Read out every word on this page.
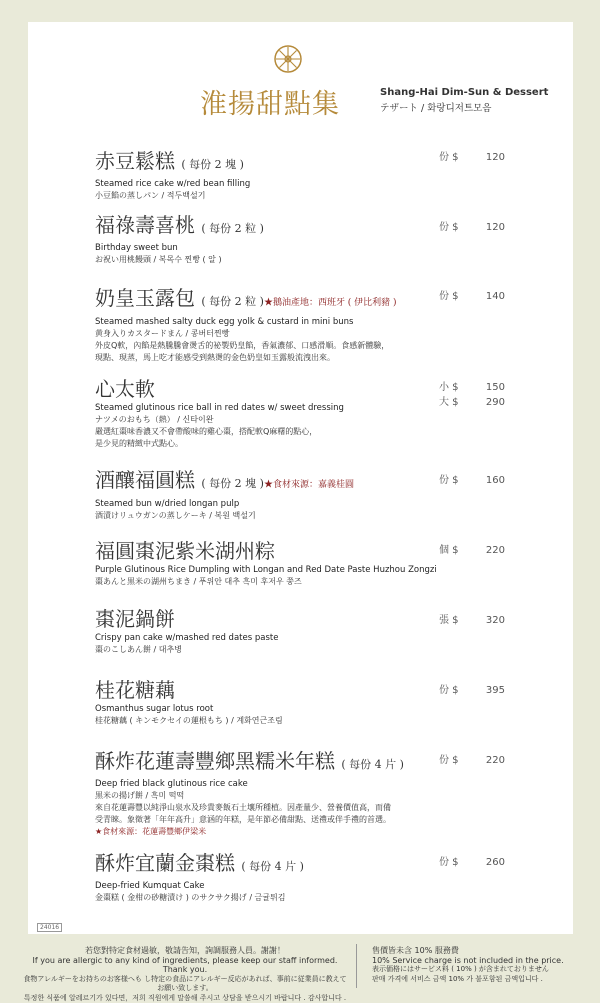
淮揚甜點集	Shang-Hai Dim-Sun & Dessert
テザート / 화랑디저트모음
赤豆鬆糕 ( 每份 2 塊 )
Steamed rice cake w/red bean filling
小豆餡の蒸しパン / 적두백설기
份 $	120
福祿壽喜桃 ( 每份 2 粒 )
Birthday sweet bun
お祝い用桃饅頭 / 복목수 찐빵 ( 알 )
份 $	120
奶皇玉露包 ( 每份 2 粒 )★鵝油產地：西班牙 ( 伊比利豬 )
Steamed mashed salty duck egg yolk & custard in mini buns
黄身入りカスタードまん / 콩버터찐빵
外皮Q軟，內餡是熱騰騰會燙舌的祕製奶皇餡，香氣濃郁、口感滑順。食感新體驗，
現點、現蒸，馬上吃才能感受到熱燙的金色奶皇如玉露般流洩出來。
份 $	140
心太軟
Steamed glutinous rice ball in red dates w/ sweet dressing
ナツメのおもち（熱） / 신타이완
嚴選紅棗味香濃又不會帶酸味的雞心棗，搭配軟Q麻糬的點心，
是少見的精緻中式點心。
小 $	150
大 $	290
酒釀福圓糕 ( 每份 2 塊 )★食材來源：嘉義桂圓
Steamed bun w/dried longan pulp
酒漬けリュウガンの蒸しケーキ / 복원 백설기
份 $	160
福圓棗泥紫米湖州粽
Purple Glutinous Rice Dumpling with Longan and Red Date Paste Huzhou Zongzi
棗あんと黒米の湖州ちまき / 푸위안 대추 흑미 후저우 쭝즈
個 $	220
棗泥鍋餅
Crispy pan cake w/mashed red dates paste
棗のこしあん餅 / 대추병
張 $	320
桂花糖藕
Osmanthus sugar lotus root
桂花糖藕 ( キンモクセイの蓮根もち ) / 계화연근조림
份 $	395
酥炸花蓮壽豐鄉黑糯米年糕 ( 每份 4 片 )
Deep fried black glutinous rice cake
黒米の揚げ餅 / 흑미 떡떡
來自花蓮壽豐以純淨山泉水及珍貴麥飯石土壤所種植。因產量少、營養價值高，而備
受青睞。象徵著「年年高升」意涵的年糕，是年節必備甜點、送禮或伴手禮的首選。
★食材來源：花蓮壽豐鄉伊梁米
份 $	220
酥炸宜蘭金棗糕 ( 每份 4 片 )
Deep-fried Kumquat Cake
金棗糕 ( 金柑の砂糖漬け ) のサクサク揚げ / 금귤튀김
份 $	260
24016
若您對特定食材過敏，敬請告知，詢調服務人員。謝謝！
If you are allergic to any kind of ingredients, please keep our staff informed. Thank you.
食物アレルギーをお持ちのお客様へも し特定の食品にアレルギー反応があれば、事前に従業員に教えてお願い致します。
특정한 식품에 알레르기가 있다면，저희 직원에게 말씀해 주시고 상담을 받으시기 바랍니다 . 감사합니다 .
售價皆未含 10% 服務費
10% Service charge is not included in the price.
表示価格にはサービス料 ( 10% ) が含まれておりません
판매 가격에 서비스 금액 10% 가 불포함된 금액입니다 .
